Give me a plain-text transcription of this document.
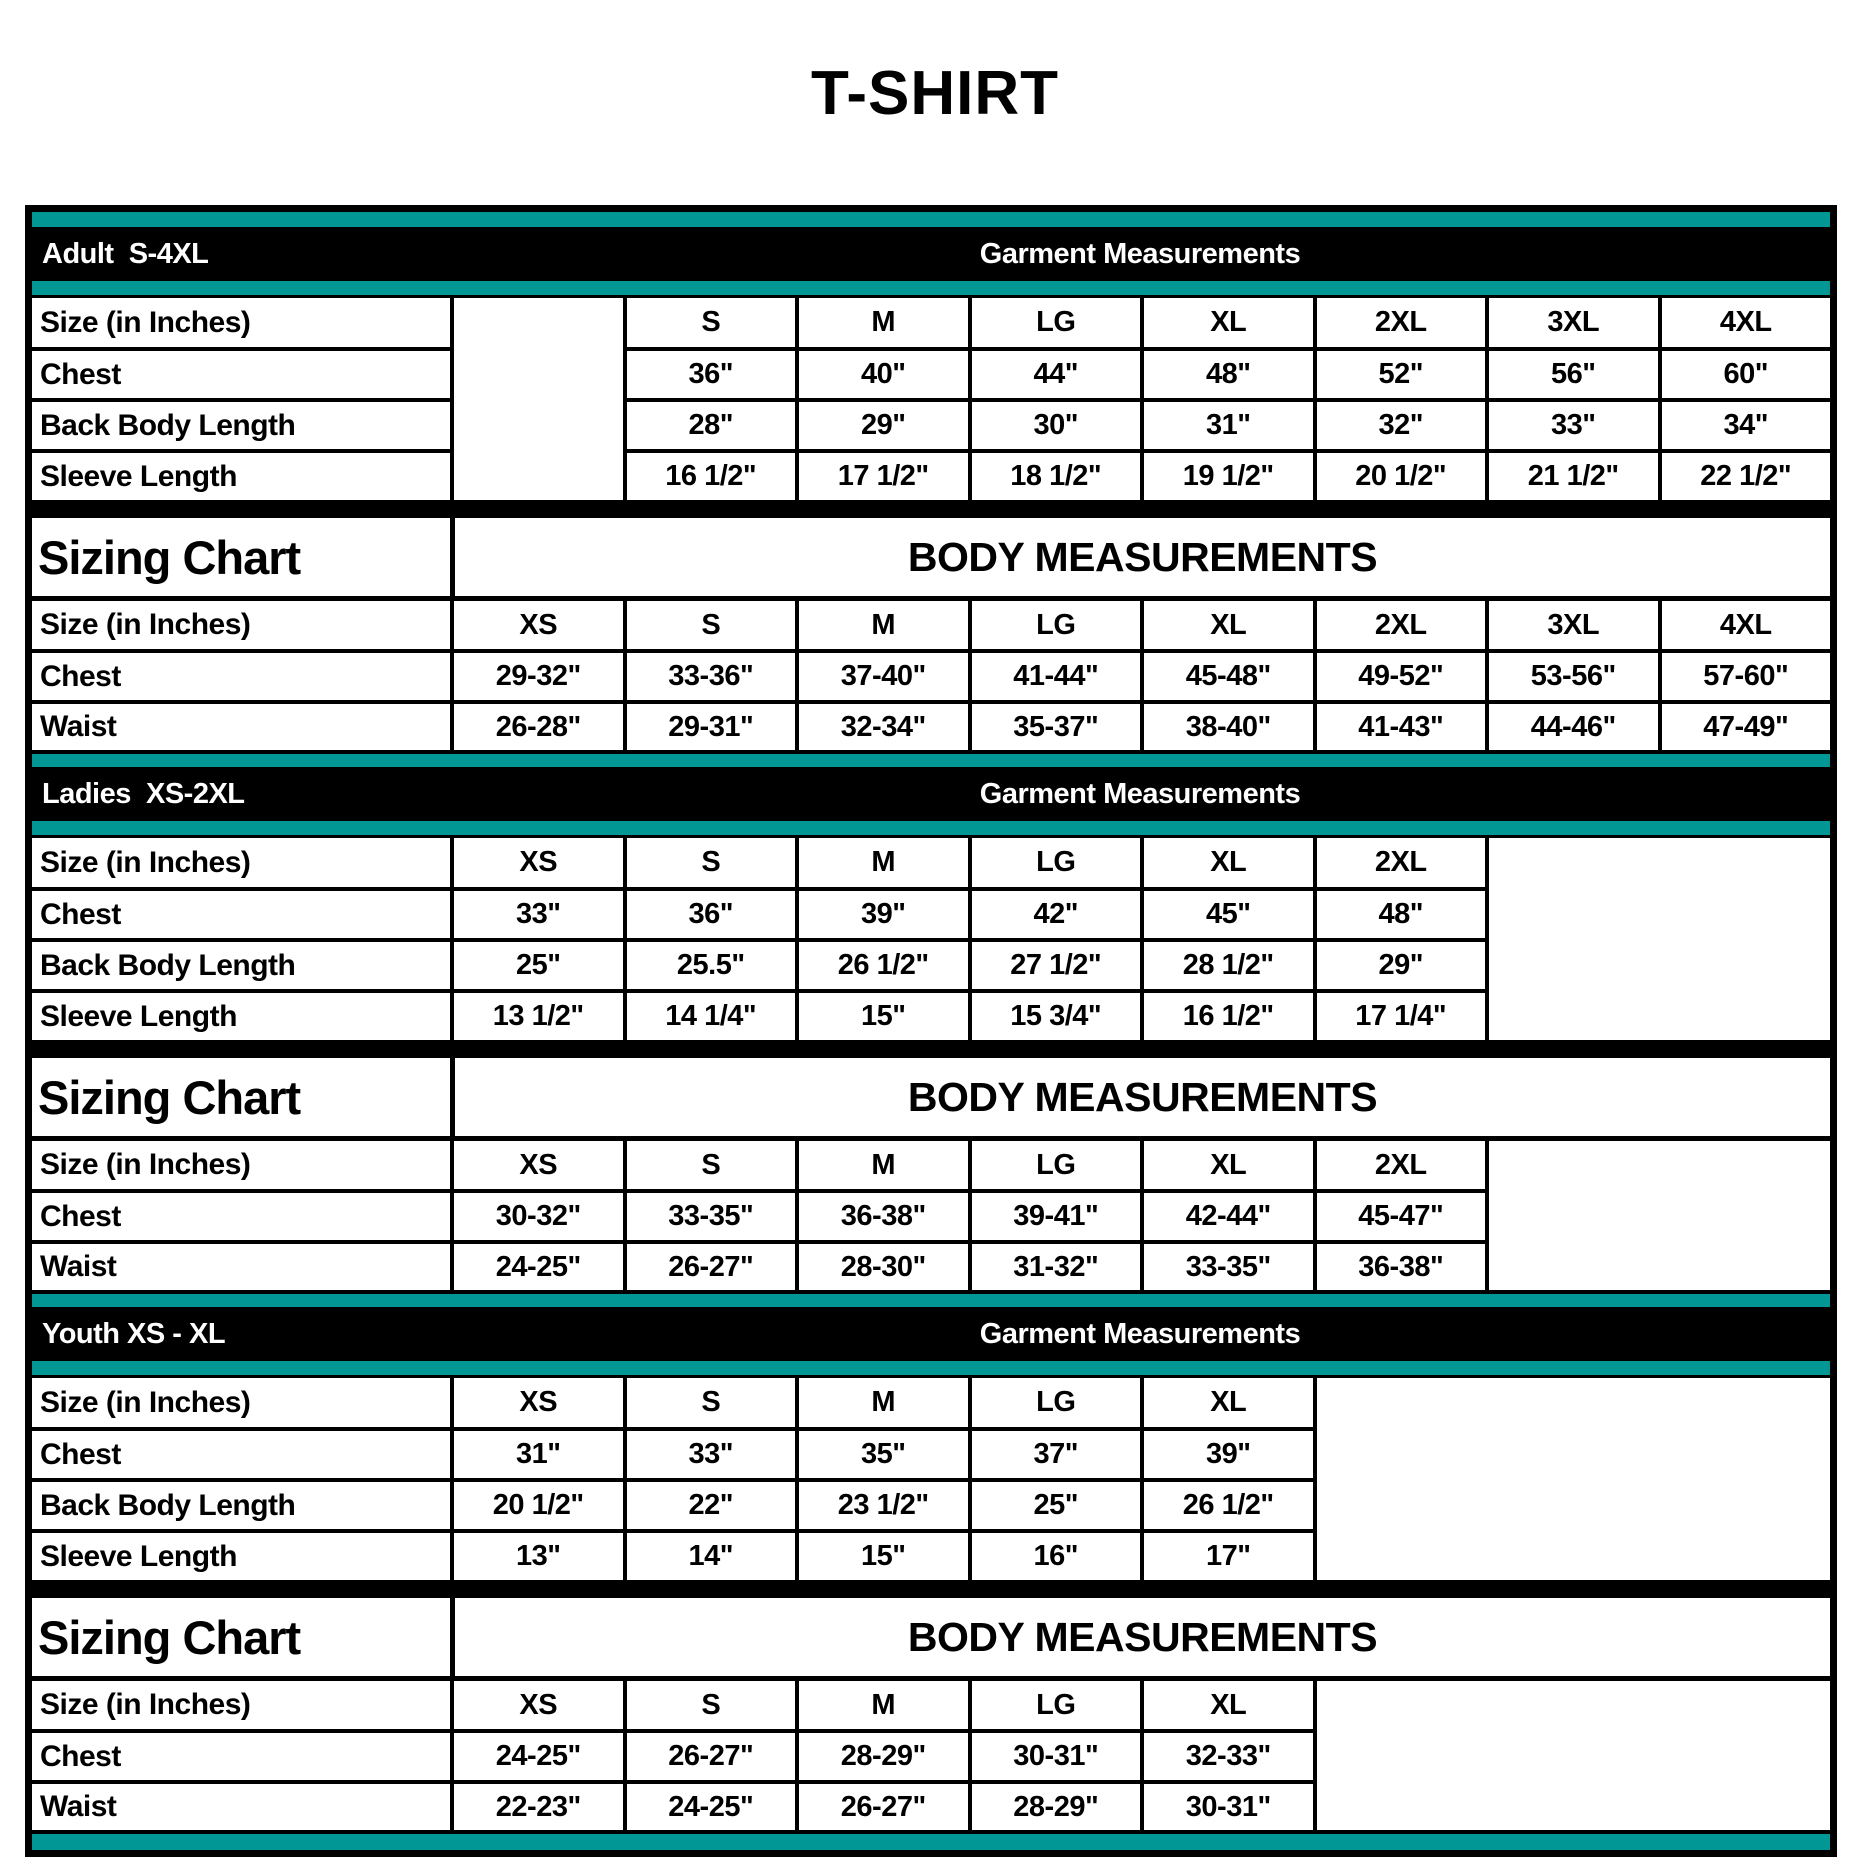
T-SHIRT
Adult  S-4XL	Garment Measurements
Size (in Inches)	S	M	LG	XL	2XL	3XL	4XL
Chest	36"	40"	44"	48"	52"	56"	60"
Back Body Length	28"	29"	30"	31"	32"	33"	34"
Sleeve Length	16 1/2"	17 1/2"	18 1/2"	19 1/2"	20 1/2"	21 1/2"	22 1/2"
Sizing Chart	BODY MEASUREMENTS
Size (in Inches)	XS	S	M	LG	XL	2XL	3XL	4XL
Chest	29-32"	33-36"	37-40"	41-44"	45-48"	49-52"	53-56"	57-60"
Waist	26-28"	29-31"	32-34"	35-37"	38-40"	41-43"	44-46"	47-49"
Ladies  XS-2XL	Garment Measurements
Size (in Inches)	XS	S	M	LG	XL	2XL
Chest	33"	36"	39"	42"	45"	48"
Back Body Length	25"	25.5"	26 1/2"	27 1/2"	28 1/2"	29"
Sleeve Length	13 1/2"	14 1/4"	15"	15 3/4"	16 1/2"	17 1/4"
Sizing Chart	BODY MEASUREMENTS
Size (in Inches)	XS	S	M	LG	XL	2XL
Chest	30-32"	33-35"	36-38"	39-41"	42-44"	45-47"
Waist	24-25"	26-27"	28-30"	31-32"	33-35"	36-38"
Youth XS - XL	Garment Measurements
Size (in Inches)	XS	S	M	LG	XL
Chest	31"	33"	35"	37"	39"
Back Body Length	20 1/2"	22"	23 1/2"	25"	26 1/2"
Sleeve Length	13"	14"	15"	16"	17"
Sizing Chart	BODY MEASUREMENTS
Size (in Inches)	XS	S	M	LG	XL
Chest	24-25"	26-27"	28-29"	30-31"	32-33"
Waist	22-23"	24-25"	26-27"	28-29"	30-31"
